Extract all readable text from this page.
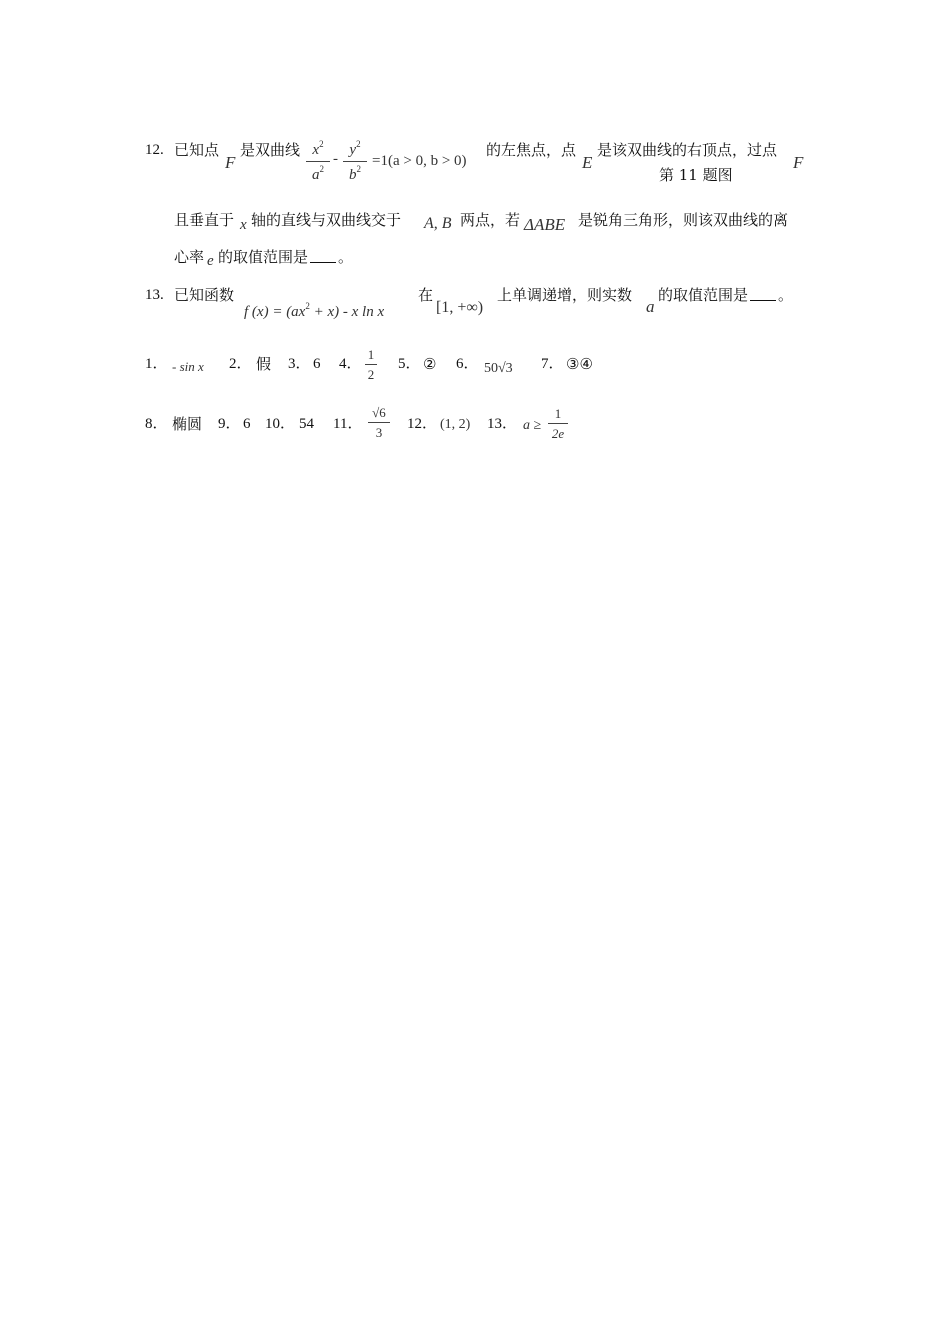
12. 已知点
F
是双曲线 $x^2$
$a^2$
-
$y^2$
$b^2 =1(a > 0$, b > 0)
的左焦点，点
E
是该双曲线的右顶点，过点
F
第 11 题图
且垂直于 x 轴的直线与双曲线交于 A, B 两点，若 ΔABE 是锐角三角形，则该双曲线的离
心率 e 的取值范围是 。
13. 已知函数
f $(x) = (ax^2 + x) - x$ ln x
在
[1, +∞)
上单调递增，则实数
a
的取值范围是 。
1． - sin x 2． 假 3． 6 4．
1
2
5． ② 6． 50√3 7． ③④
8． 椭圆 9． 6 10． 54 11．
√6
3
12． (1, 2) 13． a ≥
1
2e
